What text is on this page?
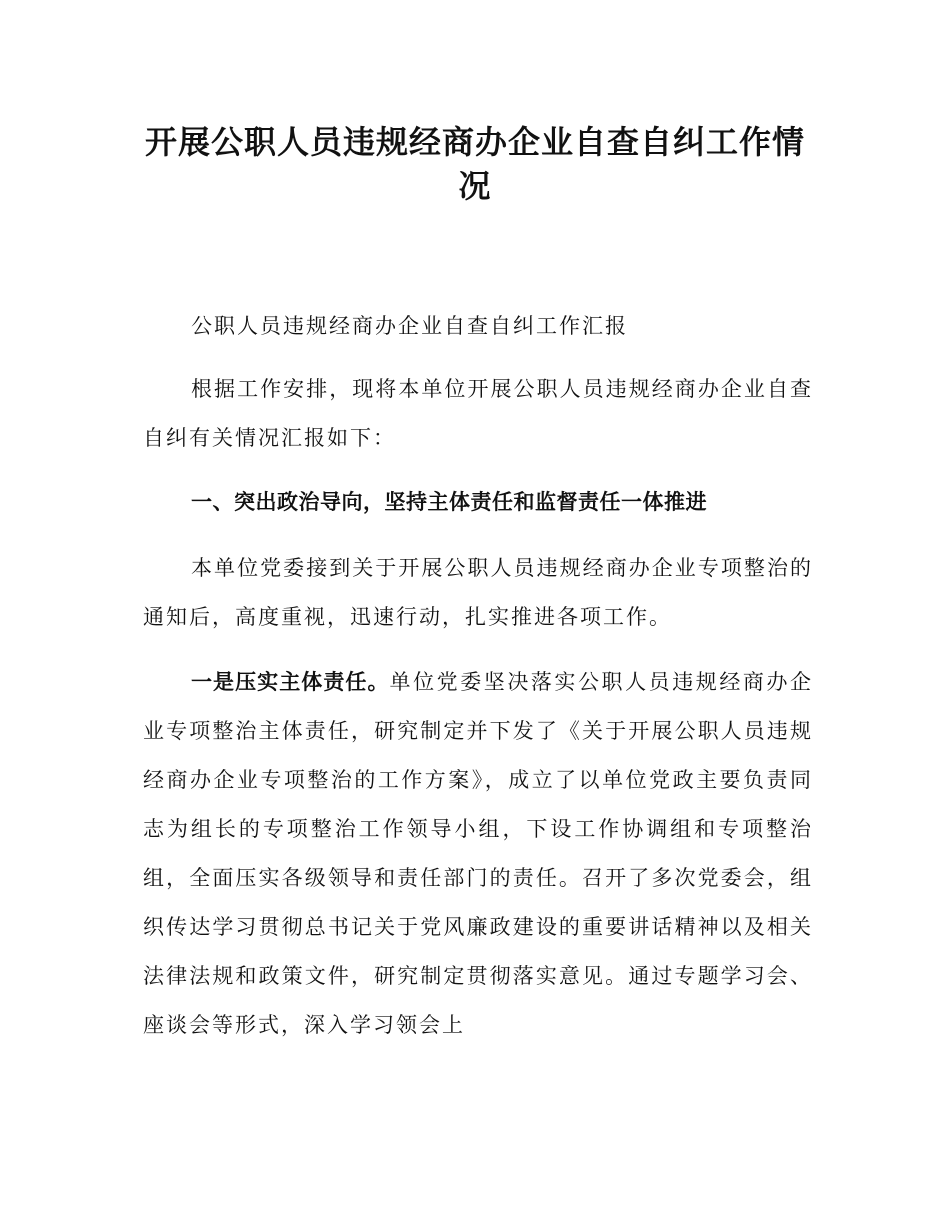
开展公职人员违规经商办企业自查自纠工作情况
公职人员违规经商办企业自查自纠工作汇报
根据工作安排，现将本单位开展公职人员违规经商办企业自查自纠有关情况汇报如下：
一、突出政治导向，坚持主体责任和监督责任一体推进
本单位党委接到关于开展公职人员违规经商办企业专项整治的通知后，高度重视，迅速行动，扎实推进各项工作。
一是压实主体责任。单位党委坚决落实公职人员违规经商办企业专项整治主体责任，研究制定并下发了《关于开展公职人员违规经商办企业专项整治的工作方案》，成立了以单位党政主要负责同志为组长的专项整治工作领导小组，下设工作协调组和专项整治组，全面压实各级领导和责任部门的责任。召开了多次党委会，组织传达学习贯彻总书记关于党风廉政建设的重要讲话精神以及相关法律法规和政策文件，研究制定贯彻落实意见。通过专题学习会、座谈会等形式，深入学习领会上
